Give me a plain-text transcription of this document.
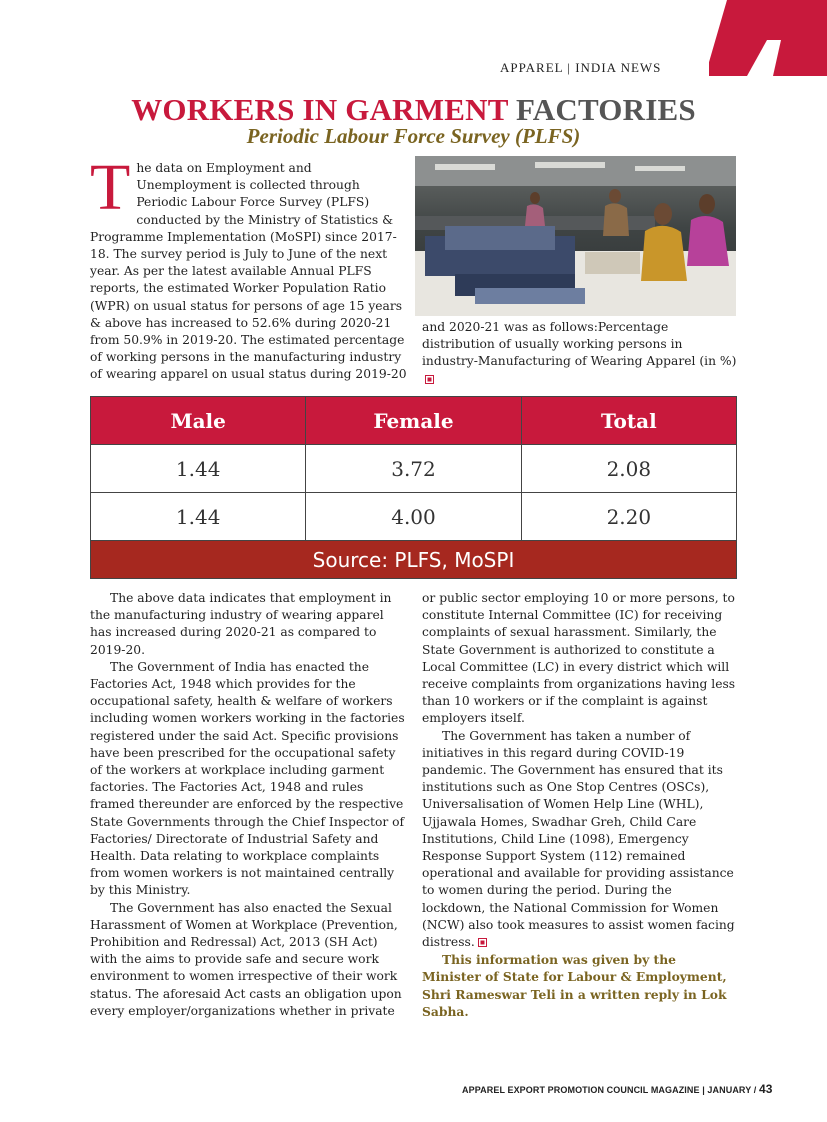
APPAREL | INDIA NEWS
WORKERS IN GARMENT FACTORIES
Periodic Labour Force Survey (PLFS)
The data on Employment and Unemployment is collected through Periodic Labour Force Survey (PLFS) conducted by the Ministry of Statistics & Programme Implementation (MoSPI) since 2017-18. The survey period is July to June of the next year. As per the latest available Annual PLFS reports, the estimated Worker Population Ratio (WPR) on usual status for persons of age 15 years & above has increased to 52.6% during 2020-21 from 50.9% in 2019-20. The estimated percentage of working persons in the manufacturing industry of wearing apparel on usual status during 2019-20
and 2020-21 was as follows:Percentage distribution of usually working persons in industry-Manufacturing of Wearing Apparel (in %)
Male	Female	Total
1.44	3.72	2.08
1.44	4.00	2.20
Source: PLFS, MoSPI		

The above data indicates that employment in the manufacturing industry of wearing apparel has increased during 2020-21 as compared to 2019-20.

The Government of India has enacted the Factories Act, 1948 which provides for the occupational safety, health & welfare of workers including women workers working in the factories registered under the said Act. Specific provisions have been prescribed for the occupational safety of the workers at workplace including garment factories. The Factories Act, 1948 and rules framed thereunder are enforced by the respective State Governments through the Chief Inspector of Factories/ Directorate of Industrial Safety and Health. Data relating to workplace complaints from women workers is not maintained centrally by this Ministry.

The Government has also enacted the Sexual Harassment of Women at Workplace (Prevention, Prohibition and Redressal) Act, 2013 (SH Act) with the aims to provide safe and secure work environment to women irrespective of their work status. The aforesaid Act casts an obligation upon every employer/organizations whether in private

or public sector employing 10 or more persons, to constitute Internal Committee (IC) for receiving complaints of sexual harassment. Similarly, the State Government is authorized to constitute a Local Committee (LC) in every district which will receive complaints from organizations having less than 10 workers or if the complaint is against employers itself.

The Government has taken a number of initiatives in this regard during COVID-19 pandemic. The Government has ensured that its institutions such as One Stop Centres (OSCs), Universalisation of Women Help Line (WHL), Ujjawala Homes, Swadhar Greh, Child Care Institutions, Child Line (1098), Emergency Response Support System (112) remained operational and available for providing assistance to women during the period. During the lockdown, the National Commission for Women (NCW) also took measures to assist women facing distress.

This information was given by the Minister of State for Labour & Employment, Shri Rameswar Teli in a written reply in Lok Sabha.

APPAREL EXPORT PROMOTION COUNCIL MAGAZINE | JANUARY / 43
